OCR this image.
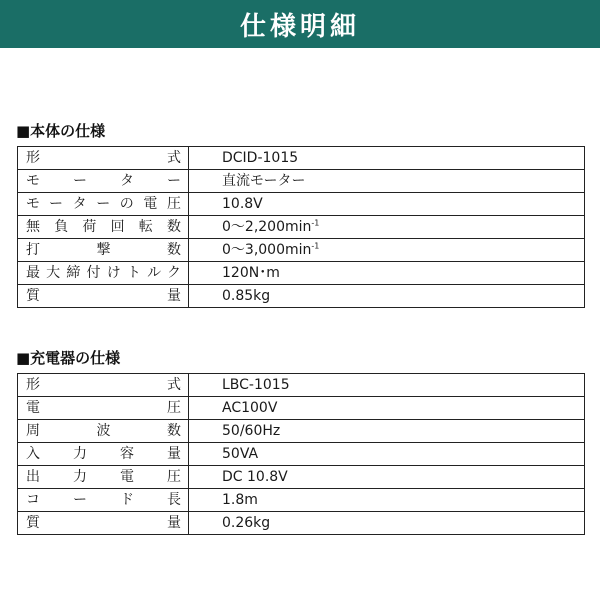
仕様明細
■本体の仕様
形 式	DCID-1015
モ ー タ ー	直流モーター
モーターの電圧	10.8V
無負荷回転数	$0\sim 2,200\min^{-1}$
打 撃 数	$0\sim 3,000\min^{-1}$
最大締付けトルク	120N･m
質 量	0.85kg
■充電器の仕様
形 式	LBC-1015
電 圧	AC100V
周 波 数	50/60Hz
入 力 容 量	50VA
出 力 電 圧	DC 10.8V
コ ー ド 長	1.8m
質 量	0.26kg
